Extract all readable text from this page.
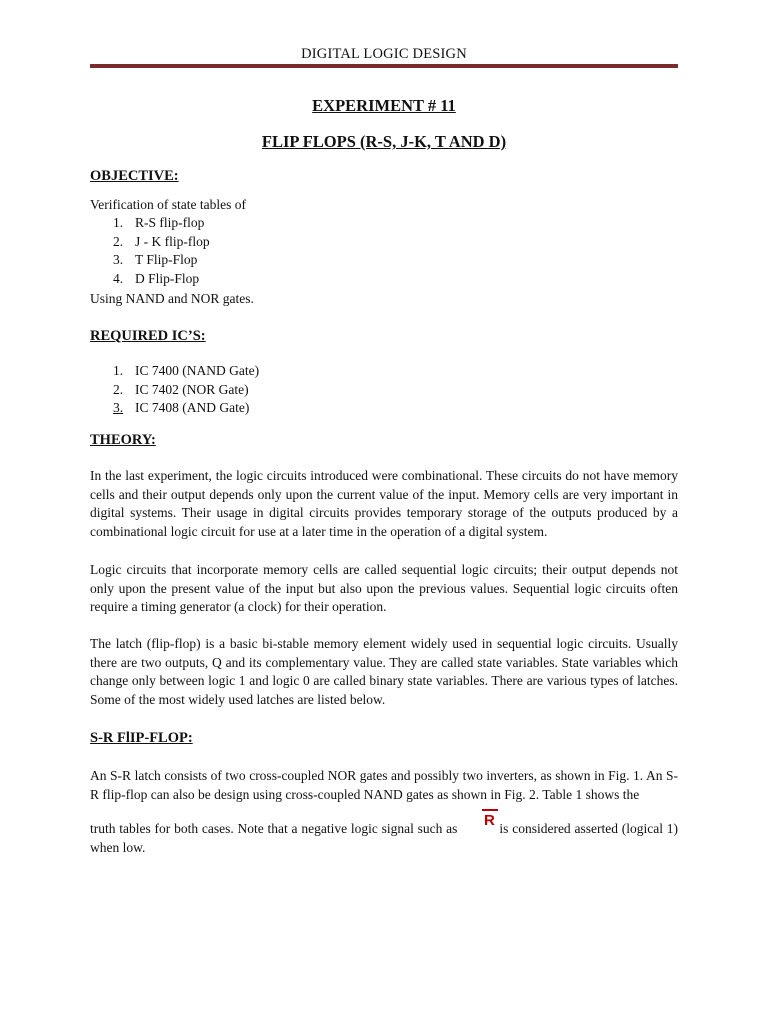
DIGITAL LOGIC DESIGN
EXPERIMENT # 11
FLIP FLOPS (R-S, J-K, T AND D)
OBJECTIVE:
Verification of state tables of
1. R-S flip-flop
2. J - K flip-flop
3. T Flip-Flop
4. D Flip-Flop
Using NAND and NOR gates.
REQUIRED IC’S:
1. IC 7400 (NAND Gate)
2. IC 7402 (NOR Gate)
3. IC 7408 (AND Gate)
THEORY:

In the last experiment, the logic circuits introduced were combinational. These circuits do not have memory cells and their output depends only upon the current value of the input. Memory cells are very important in digital systems. Their usage in digital circuits provides temporary storage of the outputs produced by a combinational logic circuit for use at a later time in the operation of a digital system.

Logic circuits that incorporate memory cells are called sequential logic circuits; their output depends not only upon the present value of the input but also upon the previous values. Sequential logic circuits often require a timing generator (a clock) for their operation.

The latch (flip-flop) is a basic bi-stable memory element widely used in sequential logic circuits. Usually there are two outputs, Q and its complementary value. They are called state variables. State variables which change only between logic 1 and logic 0 are called binary state variables. There are various types of latches. Some of the most widely used latches are listed below.

S-R FlIP-FLOP:

An S-R latch consists of two cross-coupled NOR gates and possibly two inverters, as shown in Fig. 1. An S-R flip-flop can also be design using cross-coupled NAND gates as shown in Fig. 2. Table 1 shows the

truth tables for both cases. Note that a negative logic signal such as	is considered asserted (logical 1) when low.

R
